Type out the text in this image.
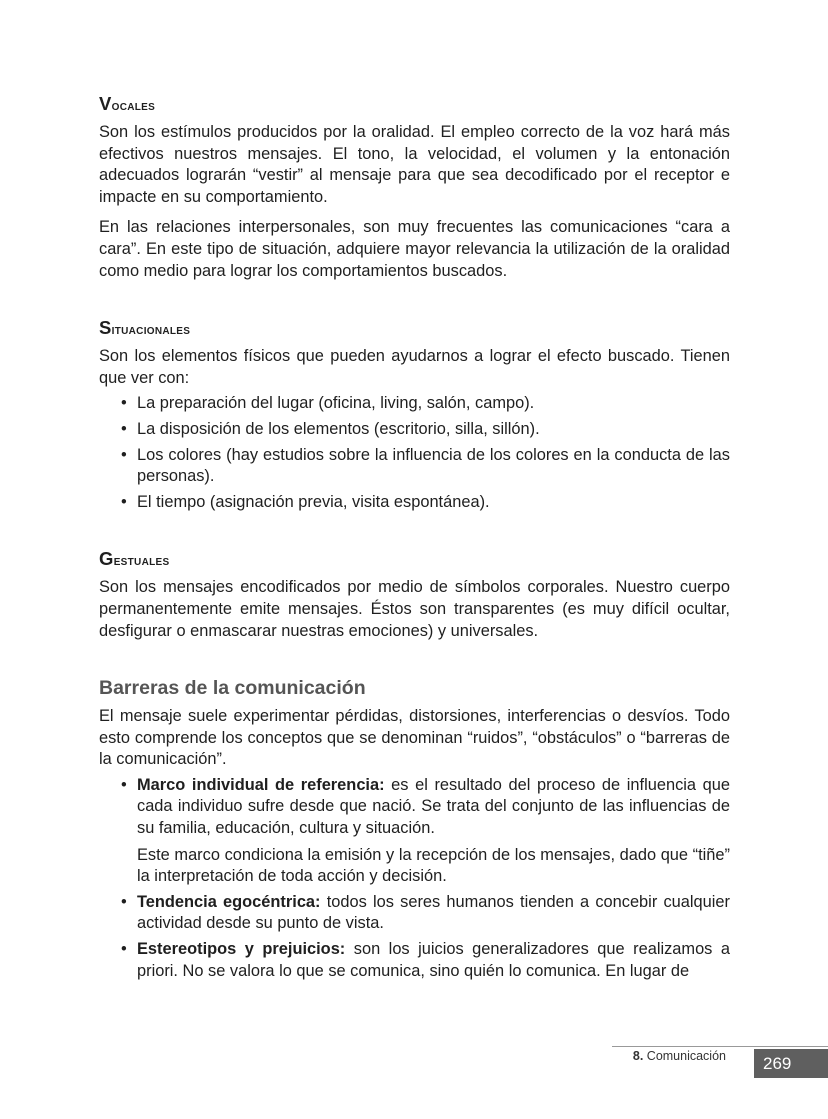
Vocales

Son los estímulos producidos por la oralidad. El empleo correcto de la voz hará más efectivos nuestros mensajes. El tono, la velocidad, el volumen y la entonación adecuados lograrán “vestir” al mensaje para que sea decodificado por el receptor e impacte en su comportamiento.

En las relaciones interpersonales, son muy frecuentes las comunicaciones “cara a cara”. En este tipo de situación, adquiere mayor relevancia la utilización de la oralidad como medio para lograr los comportamientos buscados.

Situacionales

Son los elementos físicos que pueden ayudarnos a lograr el efecto buscado. Tienen que ver con:

• La preparación del lugar (oficina, living, salón, campo).
• La disposición de los elementos (escritorio, silla, sillón).
• Los colores (hay estudios sobre la influencia de los colores en la conducta de las personas).
• El tiempo (asignación previa, visita espontánea).
Gestuales

Son los mensajes encodificados por medio de símbolos corporales. Nuestro cuerpo permanentemente emite mensajes. Éstos son transparentes (es muy difícil ocultar, desfigurar o enmascarar nuestras emociones) y universales.

Barreras de la comunicación

El mensaje suele experimentar pérdidas, distorsiones, interferencias o desvíos. Todo esto comprende los conceptos que se denominan “ruidos”, “obstáculos” o “barreras de la comunicación”.

• Marco individual de referencia: es el resultado del proceso de influencia que cada individuo sufre desde que nació. Se trata del conjunto de las influencias de su familia, educación, cultura y situación.

Este marco condiciona la emisión y la recepción de los mensajes, dado que “tiñe” la interpretación de toda acción y decisión.

• Tendencia egocéntrica: todos los seres humanos tienden a concebir cualquier actividad desde su punto de vista.
• Estereotipos y prejuicios: son los juicios generalizadores que realizamos a priori. No se valora lo que se comunica, sino quién lo comunica. En lugar de
8. Comunicación	269
